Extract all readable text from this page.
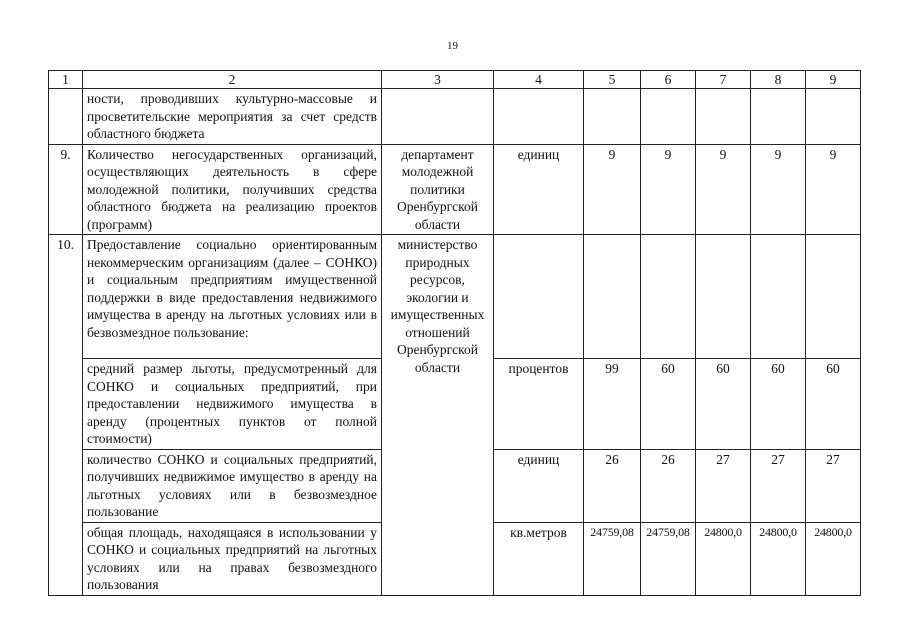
19
1	2	3	4	5	6	7	8	9
	ности, проводивших культурно-массовые и просветительские мероприятия за счет средств областного бюджета							
9.	Количество негосударственных организаций, осуществляющих деятельность в сфере молодежной политики, получивших средства областного бюджета на реализацию проектов (программ)	департамент молодежной политики Оренбургской области	единиц	9	9	9	9	9
10.	Предоставление социально ориентированным некоммерческим организациям (далее – СОНКО) и социальным предприятиям имущественной поддержки в виде предоставления недвижимого имущества в аренду на льготных условиях или в безвозмездное пользование:	министерство природных ресурсов, экологии и имущественных отношений Оренбургской области						
	средний размер льготы, предусмотренный для СОНКО и социальных предприятий, при предоставлении недвижимого имущества в аренду (процентных пунктов от полной стоимости)		процентов	99	60	60	60	60
	количество СОНКО и социальных предприятий, получивших недвижимое имущество в аренду на льготных условиях или в безвозмездное пользование		единиц	26	26	27	27	27
	общая площадь, находящаяся в использовании у СОНКО и социальных предприятий на льготных условиях или на правах безвозмездного пользования		кв.метров	24759,08	24759,08	24800,0	24800,0	24800,0
